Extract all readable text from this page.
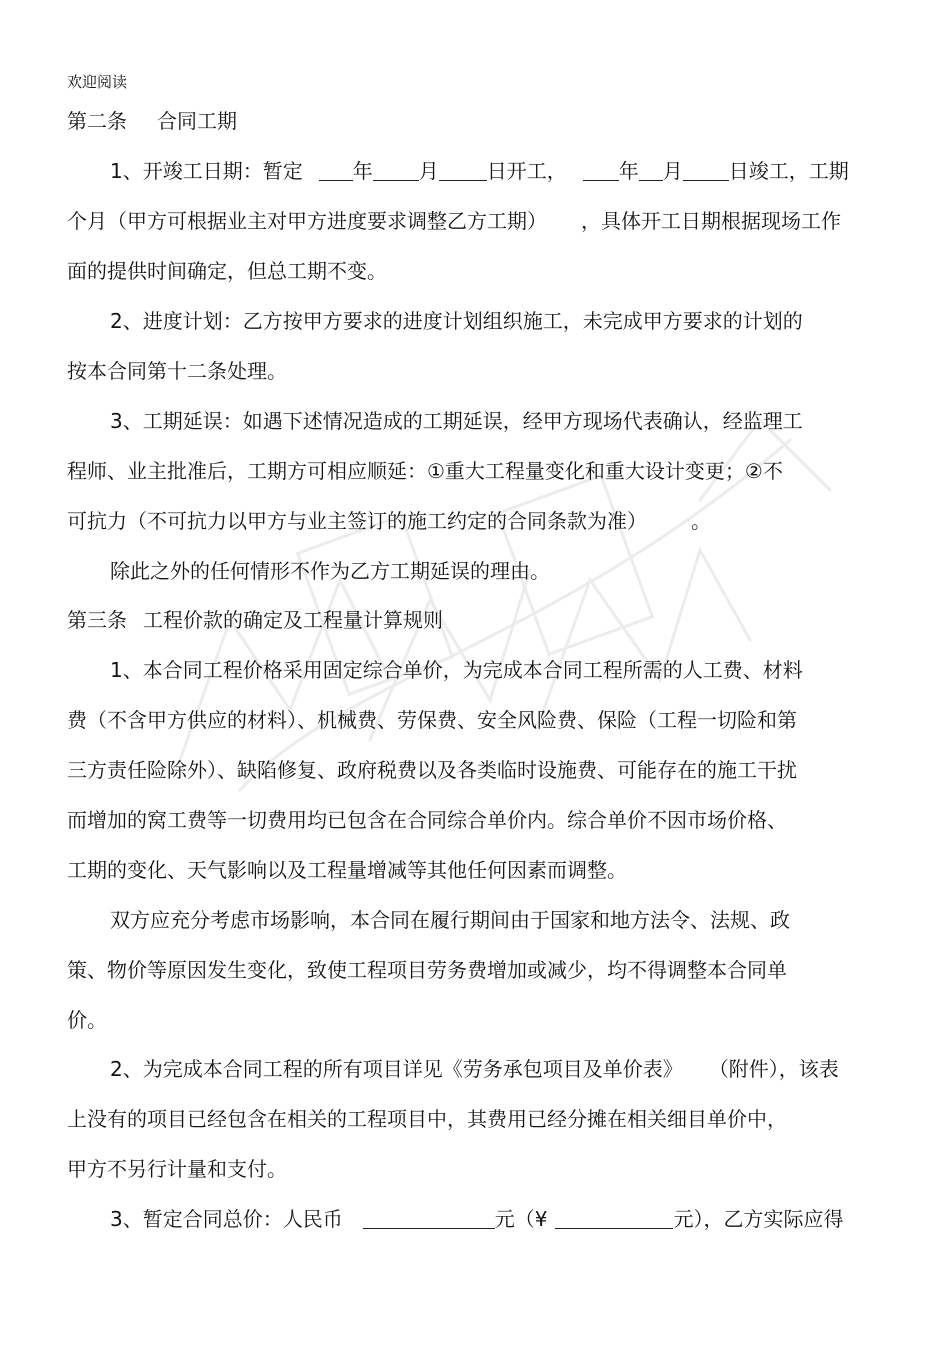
欢迎阅读
第二条 合同工期
1、开竣工日期：暂定	年 月 日开工，	年 月 日竣工，工期
个月（甲方可根据业主对甲方进度要求调整乙方工期） ，具体开工日期根据现场工作
面的提供时间确定，但总工期不变。
2、进度计划：乙方按甲方要求的进度计划组织施工，未完成甲方要求的计划的
按本合同第十二条处理。
3、工期延误：如遇下述情况造成的工期延误，经甲方现场代表确认，经监理工
程师、业主批准后，工期方可相应顺延：①重大工程量变化和重大设计变更；②不
可抗力（不可抗力以甲方与业主签订的施工约定的合同条款为准） 。
除此之外的任何情形不作为乙方工期延误的理由。
第三条 工程价款的确定及工程量计算规则
1、本合同工程价格采用固定综合单价，为完成本合同工程所需的人工费、材料
费（不含甲方供应的材料）、机械费、劳保费、安全风险费、保险（工程一切险和第
三方责任险除外）、缺陷修复、政府税费以及各类临时设施费、可能存在的施工干扰
而增加的窝工费等一切费用均已包含在合同综合单价内。综合单价不因市场价格、
工期的变化、天气影响以及工程量增减等其他任何因素而调整。
双方应充分考虑市场影响，本合同在履行期间由于国家和地方法令、法规、政
策、物价等原因发生变化，致使工程项目劳务费增加或减少，均不得调整本合同单
价。
2、为完成本合同工程的所有项目详见《劳务承包项目及单价表》 （附件），该表
上没有的项目已经包含在相关的工程项目中，其费用已经分摊在相关细目单价中，
甲方不另行计量和支付。
3、暂定合同总价：人民币	元（¥	元），乙方实际应得
